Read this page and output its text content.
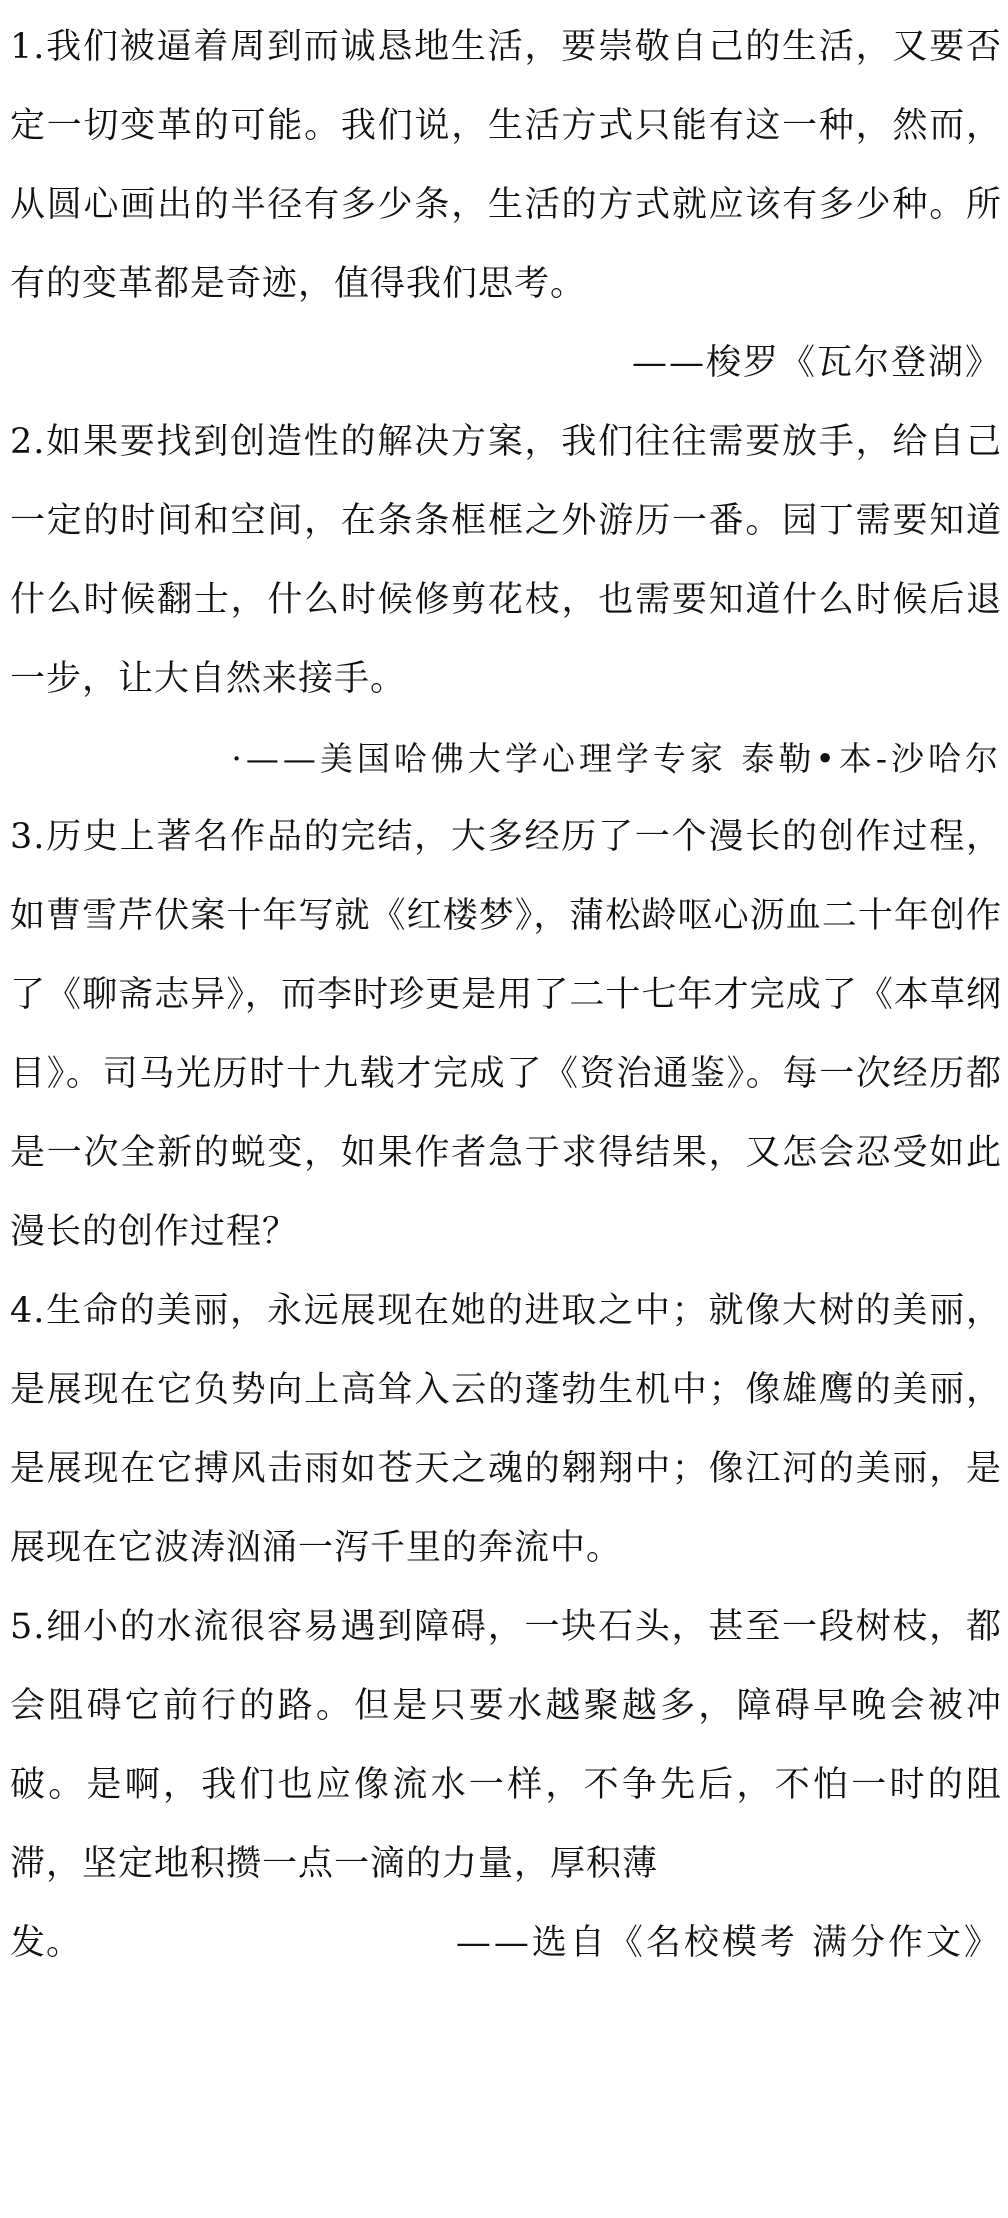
1.我们被逼着周到而诚恳地生活，要崇敬自己的生活，又要否定一切变革的可能。我们说，生活方式只能有这一种，然而，从圆心画出的半径有多少条，生活的方式就应该有多少种。所有的变革都是奇迹，值得我们思考。

——梭罗《瓦尔登湖》

2.如果要找到创造性的解决方案，我们往往需要放手，给自己一定的时间和空间，在条条框框之外游历一番。园丁需要知道什么时候翻士，什么时候修剪花枝，也需要知道什么时候后退一步，让大自然来接手。

·——美国哈佛大学心理学专家 泰勒•本-沙哈尔

3.历史上著名作品的完结，大多经历了一个漫长的创作过程，如曹雪芹伏案十年写就《红楼梦》，蒲松龄呕心沥血二十年创作了《聊斋志异》，而李时珍更是用了二十七年才完成了《本草纲目》。司马光历时十九载才完成了《资治通鉴》。每一次经历都是一次全新的蜕变，如果作者急于求得结果，又怎会忍受如此漫长的创作过程？

4.生命的美丽，永远展现在她的进取之中；就像大树的美丽，是展现在它负势向上高耸入云的蓬勃生机中；像雄鹰的美丽，是展现在它搏风击雨如苍天之魂的翱翔中；像江河的美丽，是展现在它波涛汹涌一泻千里的奔流中。

5.细小的水流很容易遇到障碍，一块石头，甚至一段树枝，都会阻碍它前行的路。但是只要水越聚越多，障碍早晚会被冲破。是啊，我们也应像流水一样，不争先后，不怕一时的阻滞，坚定地积攒一点一滴的力量，厚积薄

发。	——选自《名校模考 满分作文》
